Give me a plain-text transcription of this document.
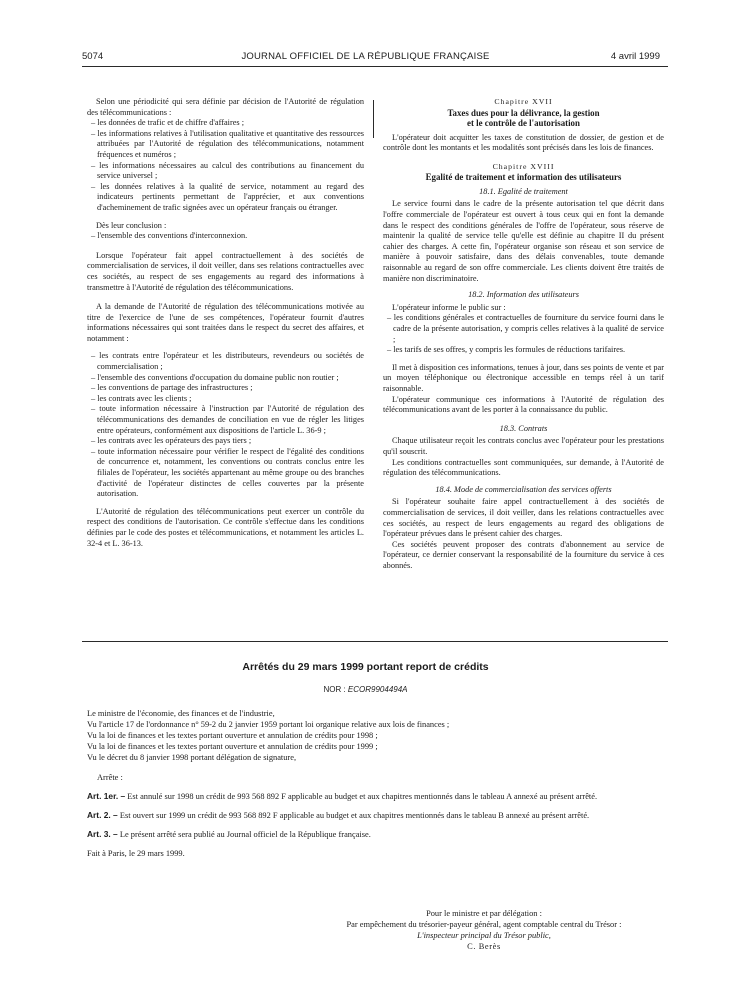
5074	JOURNAL OFFICIEL DE LA RÉPUBLIQUE FRANÇAISE	4 avril 1999

Selon une périodicité qui sera définie par décision de l'Autorité de régulation des télécommunications :

– les données de trafic et de chiffre d'affaires ;
– les informations relatives à l'utilisation qualitative et quantitative des ressources attribuées par l'Autorité de régulation des télécommunications, notamment fréquences et numéros ;
– les informations nécessaires au calcul des contributions au financement du service universel ;
– les données relatives à la qualité de service, notamment au regard des indicateurs pertinents permettant de l'apprécier, et aux conventions d'acheminement de trafic signées avec un opérateur français ou étranger.

Dès leur conclusion :

– l'ensemble des conventions d'interconnexion.

Lorsque l'opérateur fait appel contractuellement à des sociétés de commercialisation de services, il doit veiller, dans ses relations contractuelles avec ces sociétés, au respect de ses engagements au regard des informations à transmettre à l'Autorité de régulation des télécommunications.

A la demande de l'Autorité de régulation des télécommunications motivée au titre de l'exercice de l'une de ses compétences, l'opérateur fournit d'autres informations nécessaires qui sont traitées dans le respect du secret des affaires, et notamment :

– les contrats entre l'opérateur et les distributeurs, revendeurs ou sociétés de commercialisation ;
– l'ensemble des conventions d'occupation du domaine public non routier ;
– les conventions de partage des infrastructures ;
– les contrats avec les clients ;
– toute information nécessaire à l'instruction par l'Autorité de régulation des télécommunications des demandes de conciliation en vue de régler les litiges entre opérateurs, conformément aux dispositions de l'article L. 36-9 ;
– les contrats avec les opérateurs des pays tiers ;
– toute information nécessaire pour vérifier le respect de l'égalité des conditions de concurrence et, notamment, les conventions ou contrats conclus entre les filiales de l'opérateur, les sociétés appartenant au même groupe ou des branches d'activité de l'opérateur distinctes de celles couvertes par la présente autorisation.

L'Autorité de régulation des télécommunications peut exercer un contrôle du respect des conditions de l'autorisation. Ce contrôle s'effectue dans les conditions définies par le code des postes et télécommunications, et notamment les articles L. 32-4 et L. 36-13.

Chapitre XVII

Taxes dues pour la délivrance, la gestion

et le contrôle de l'autorisation

L'opérateur doit acquitter les taxes de constitution de dossier, de gestion et de contrôle dont les montants et les modalités sont précisés dans les lois de finances.

Chapitre XVIII

Egalité de traitement et information des utilisateurs

18.1. Egalité de traitement

Le service fourni dans le cadre de la présente autorisation tel que décrit dans l'offre commerciale de l'opérateur est ouvert à tous ceux qui en font la demande dans le respect des conditions générales de l'offre de l'opérateur, sous réserve de maintenir la qualité de service telle qu'elle est définie au chapitre II du présent cahier des charges. A cette fin, l'opérateur organise son réseau et son service de manière à pouvoir satisfaire, dans des délais convenables, toute demande raisonnable au regard de son offre commerciale. Les clients doivent être traités de manière non discriminatoire.

18.2. Information des utilisateurs

L'opérateur informe le public sur :

– les conditions générales et contractuelles de fourniture du service fourni dans le cadre de la présente autorisation, y compris celles relatives à la qualité de service ;
– les tarifs de ses offres, y compris les formules de réductions tarifaires.

Il met à disposition ces informations, tenues à jour, dans ses points de vente et par un moyen téléphonique ou électronique accessible en temps réel à un tarif raisonnable.

L'opérateur communique ces informations à l'Autorité de régulation des télécommunications avant de les porter à la connaissance du public.

18.3. Contrats

Chaque utilisateur reçoit les contrats conclus avec l'opérateur pour les prestations qu'il souscrit.

Les conditions contractuelles sont communiquées, sur demande, à l'Autorité de régulation des télécommunications.

18.4. Mode de commercialisation des services offerts

Si l'opérateur souhaite faire appel contractuellement à des sociétés de commercialisation de services, il doit veiller, dans les relations contractuelles avec ces sociétés, au respect de leurs engagements au regard des obligations de l'opérateur prévues dans le présent cahier des charges.

Ces sociétés peuvent proposer des contrats d'abonnement au service de l'opérateur, ce dernier conservant la responsabilité de la fourniture du service à ces abonnés.

Arrêtés du 29 mars 1999 portant report de crédits
NOR : ECOR9904494A

Le ministre de l'économie, des finances et de l'industrie,

Vu l'article 17 de l'ordonnance n° 59-2 du 2 janvier 1959 portant loi organique relative aux lois de finances ;

Vu la loi de finances et les textes portant ouverture et annulation de crédits pour 1998 ;

Vu la loi de finances et les textes portant ouverture et annulation de crédits pour 1999 ;

Vu le décret du 8 janvier 1998 portant délégation de signature,

Arrête :

Art. 1er. – Est annulé sur 1998 un crédit de 993 568 892 F applicable au budget et aux chapitres mentionnés dans le tableau A annexé au présent arrêté.

Art. 2. – Est ouvert sur 1999 un crédit de 993 568 892 F applicable au budget et aux chapitres mentionnés dans le tableau B annexé au présent arrêté.

Art. 3. – Le présent arrêté sera publié au Journal officiel de la République française.

Fait à Paris, le 29 mars 1999.

Pour le ministre et par délégation :

Par empêchement du trésorier-payeur général, agent comptable central du Trésor :

L'inspecteur principal du Trésor public,

C. Berès
